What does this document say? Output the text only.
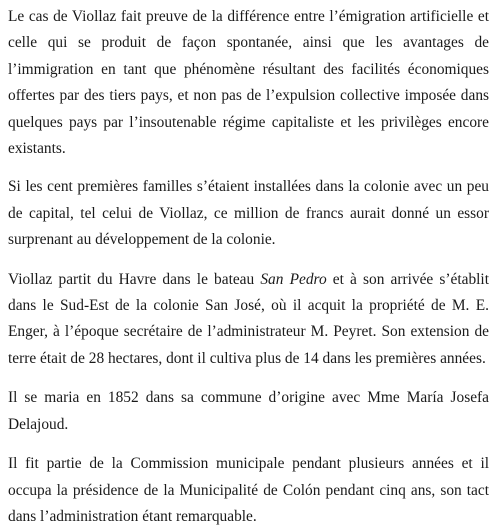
Le cas de Viollaz fait preuve de la différence entre l’émigration artificielle et celle qui se produit de façon spontanée, ainsi que les avantages de l’immigration en tant que phénomène résultant des facilités économiques offertes par des tiers pays, et non pas de l’expulsion collective imposée dans quelques pays par l’insoutenable régime capitaliste et les privilèges encore existants.

Si les cent premières familles s’étaient installées dans la colonie avec un peu de capital, tel celui de Viollaz, ce million de francs aurait donné un essor surprenant au développement de la colonie.

Viollaz partit du Havre dans le bateau San Pedro et à son arrivée s’établit dans le Sud-Est de la colonie San José, où il acquit la propriété de M. E. Enger, à l’époque secrétaire de l’administrateur M. Peyret. Son extension de terre était de 28 hectares, dont il cultiva plus de 14 dans les premières années.

Il se maria en 1852 dans sa commune d’origine avec Mme María Josefa Delajoud.

Il fit partie de la Commission municipale pendant plusieurs années et il occupa la présidence de la Municipalité de Colón pendant cinq ans, son tact dans l’administration étant remarquable.
